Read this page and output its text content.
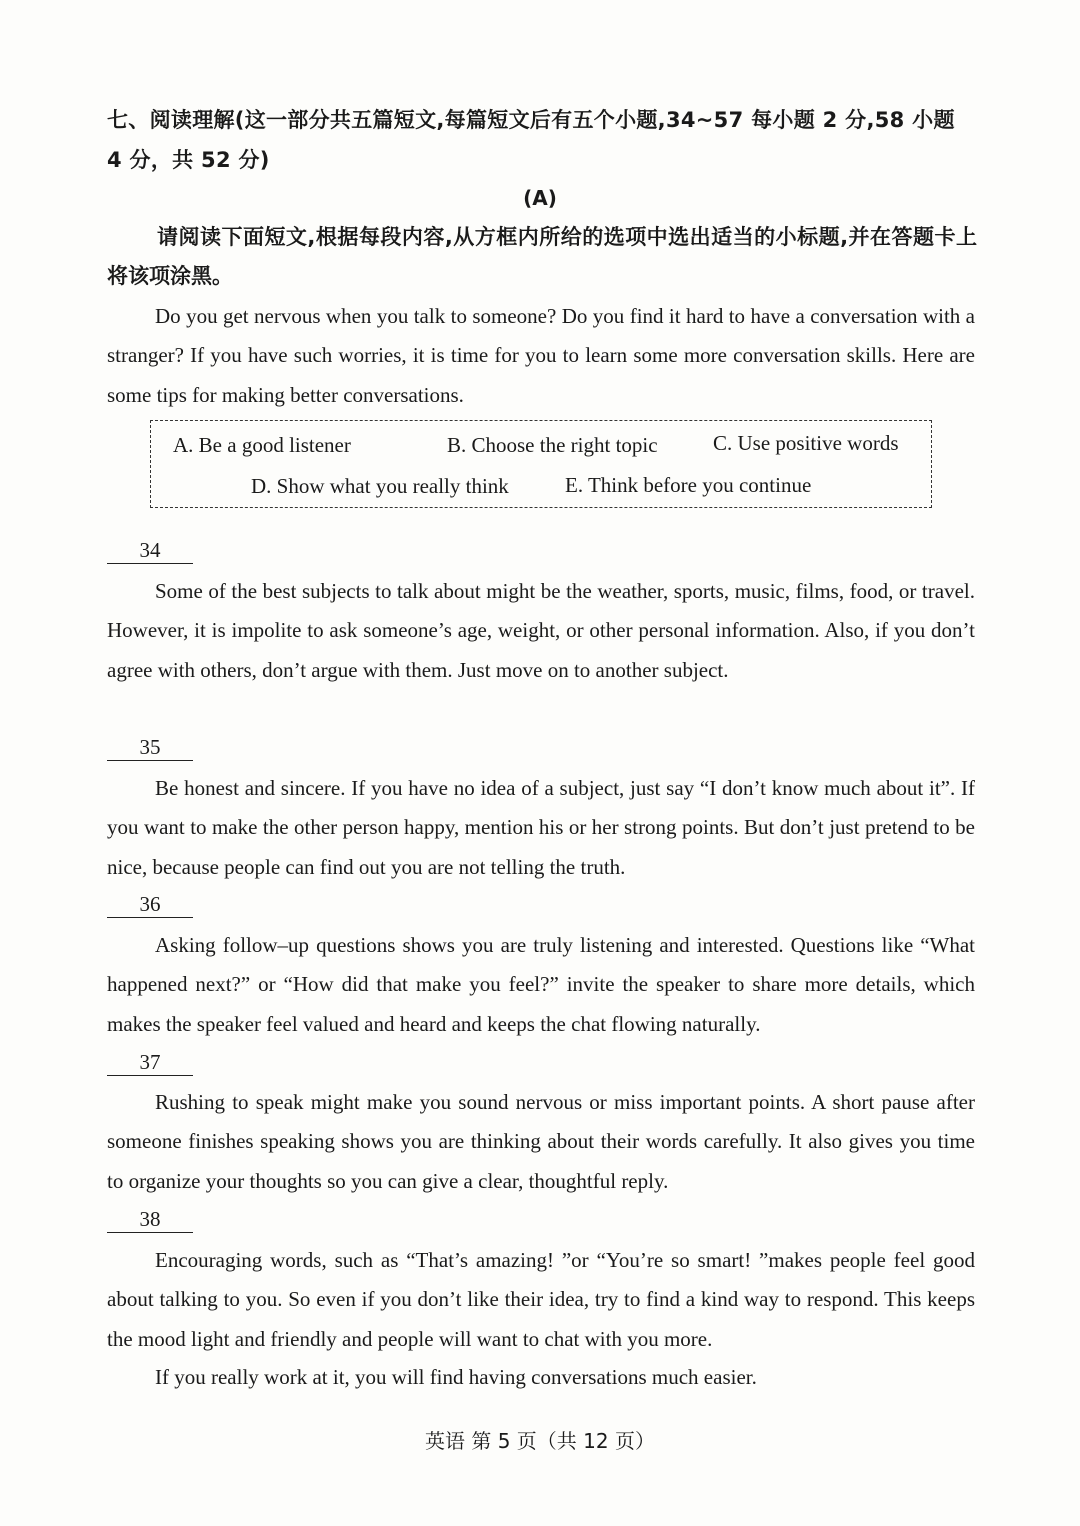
七、阅读理解(这一部分共五篇短文,每篇短文后有五个小题,34~57 每小题 2 分,58 小题 4 分，共 52 分)
(A)
请阅读下面短文,根据每段内容,从方框内所给的选项中选出适当的小标题,并在答题卡上将该项涂黑。
Do you get nervous when you talk to someone? Do you find it hard to have a conversation with a stranger? If you have such worries, it is time for you to learn some more conversation skills. Here are some tips for making better conversations.
A. Be a good listener	B. Choose the right topic	C. Use positive words
D. Show what you really think	E. Think before you continue
34
Some of the best subjects to talk about might be the weather, sports, music, films, food, or travel. However, it is impolite to ask someone’s age, weight, or other personal information. Also, if you don’t agree with others, don’t argue with them. Just move on to another subject.
35
Be honest and sincere. If you have no idea of a subject, just say “I don’t know much about it”. If you want to make the other person happy, mention his or her strong points. But don’t just pretend to be nice, because people can find out you are not telling the truth.
36
Asking follow–up questions shows you are truly listening and interested. Questions like “What happened next?” or “How did that make you feel?” invite the speaker to share more details, which makes the speaker feel valued and heard and keeps the chat flowing naturally.
37
Rushing to speak might make you sound nervous or miss important points. A short pause after someone finishes speaking shows you are thinking about their words carefully. It also gives you time to organize your thoughts so you can give a clear, thoughtful reply.
38
Encouraging words, such as “That’s amazing! ”or “You’re so smart! ”makes people feel good about talking to you. So even if you don’t like their idea, try to find a kind way to respond. This keeps the mood light and friendly and people will want to chat with you more.
If you really work at it, you will find having conversations much easier.
英语 第 5 页（共 12 页）
